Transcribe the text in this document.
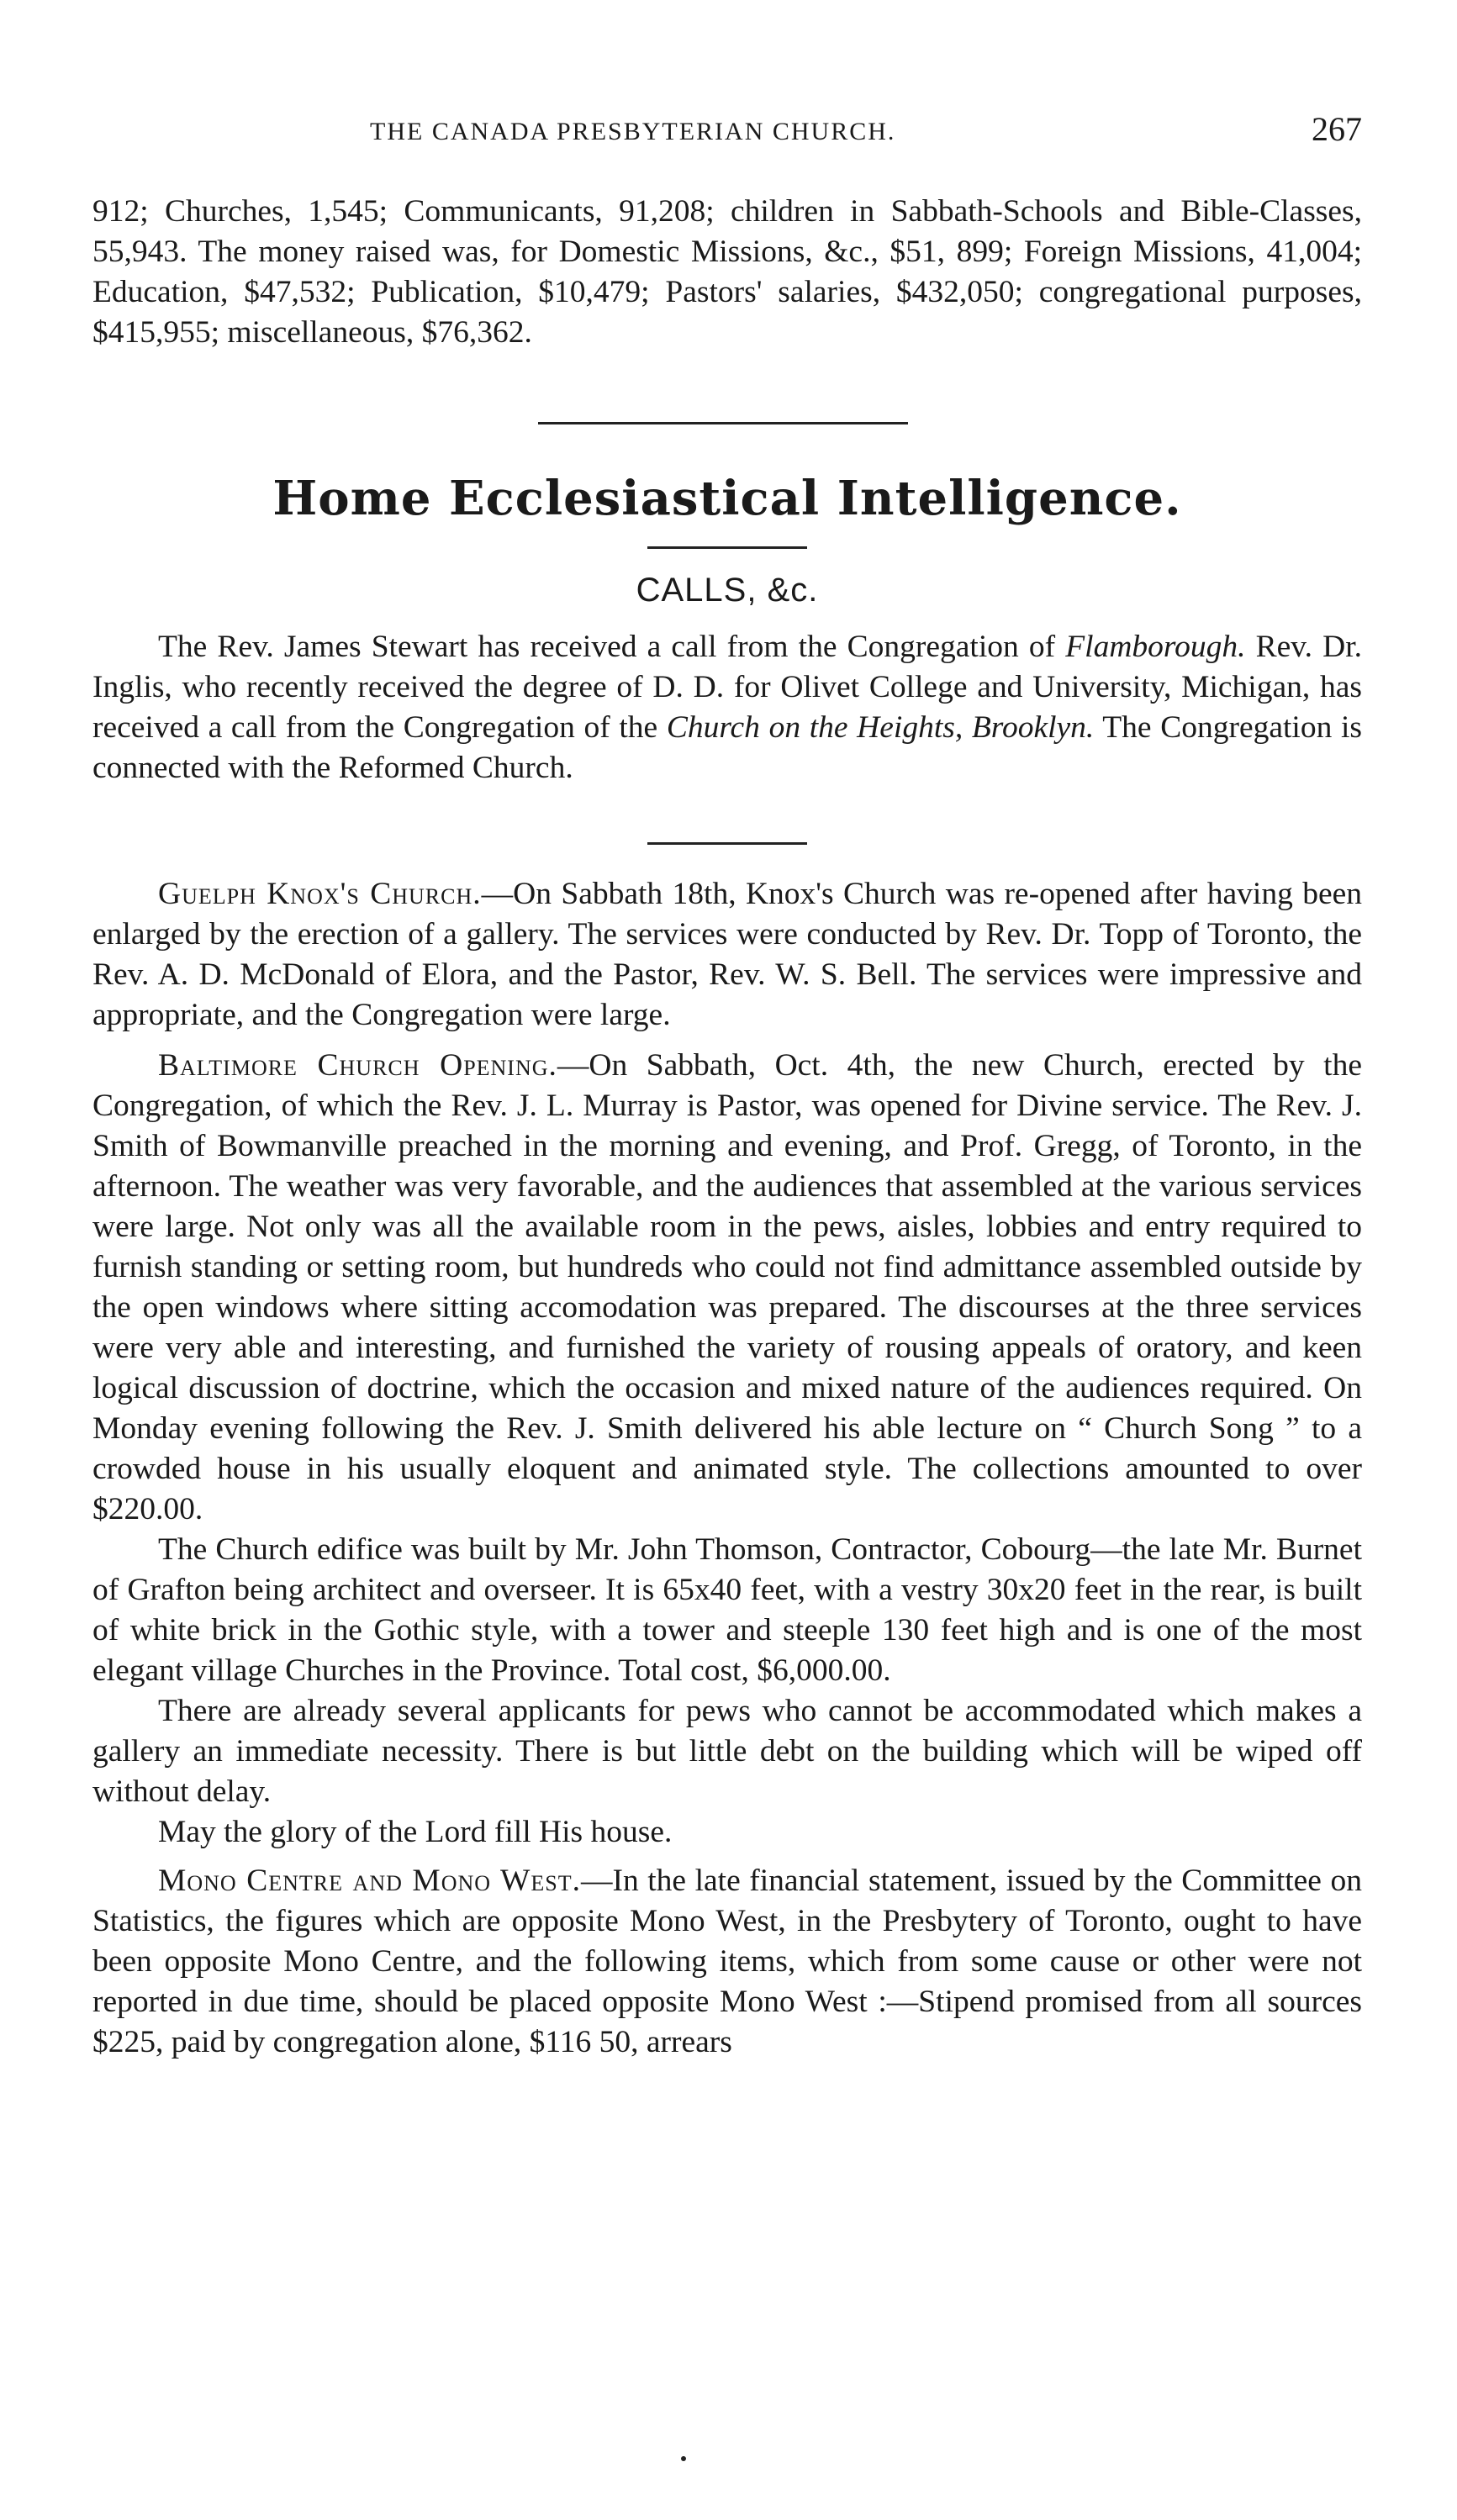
THE CANADA PRESBYTERIAN CHURCH.	267

912; Churches, 1,545; Communicants, 91,208; children in Sabbath-Schools and Bible-Classes, 55,943. The money raised was, for Domestic Missions, &c., $51, 899; Foreign Missions, 41,004; Education, $47,532; Publication, $10,479; Pastors' salaries, $432,050; congregational purposes, $415,955; miscellaneous, $76,362.

Home Ecclesiastical Intelligence.
CALLS, &c.

The Rev. James Stewart has received a call from the Congregation of Flamborough. Rev. Dr. Inglis, who recently received the degree of D. D. for Olivet College and University, Michigan, has received a call from the Congregation of the Church on the Heights, Brooklyn. The Congregation is connected with the Reformed Church.

Guelph Knox's Church.—On Sabbath 18th, Knox's Church was re-opened after having been enlarged by the erection of a gallery. The services were conducted by Rev. Dr. Topp of Toronto, the Rev. A. D. McDonald of Elora, and the Pastor, Rev. W. S. Bell. The services were impressive and appropriate, and the Congregation were large.

Baltimore Church Opening.—On Sabbath, Oct. 4th, the new Church, erected by the Congregation, of which the Rev. J. L. Murray is Pastor, was opened for Divine service. The Rev. J. Smith of Bowmanville preached in the morning and evening, and Prof. Gregg, of Toronto, in the afternoon. The weather was very favorable, and the audiences that assembled at the various services were large. Not only was all the available room in the pews, aisles, lobbies and entry required to furnish standing or setting room, but hundreds who could not find admittance assembled outside by the open windows where sitting accomodation was prepared. The discourses at the three services were very able and interesting, and furnished the variety of rousing appeals of oratory, and keen logical discussion of doctrine, which the occasion and mixed nature of the audiences required. On Monday evening following the Rev. J. Smith delivered his able lecture on “ Church Song ” to a crowded house in his usually eloquent and animated style. The collections amounted to over $220.00.

The Church edifice was built by Mr. John Thomson, Contractor, Cobourg—the late Mr. Burnet of Grafton being architect and overseer. It is 65x40 feet, with a vestry 30x20 feet in the rear, is built of white brick in the Gothic style, with a tower and steeple 130 feet high and is one of the most elegant village Churches in the Province. Total cost, $6,000.00.

There are already several applicants for pews who cannot be accommodated which makes a gallery an immediate necessity. There is but little debt on the building which will be wiped off without delay.

May the glory of the Lord fill His house.

Mono Centre and Mono West.—In the late financial statement, issued by the Committee on Statistics, the figures which are opposite Mono West, in the Presbytery of Toronto, ought to have been opposite Mono Centre, and the following items, which from some cause or other were not reported in due time, should be placed opposite Mono West :—Stipend promised from all sources $225, paid by congregation alone, $116 50, arrears
